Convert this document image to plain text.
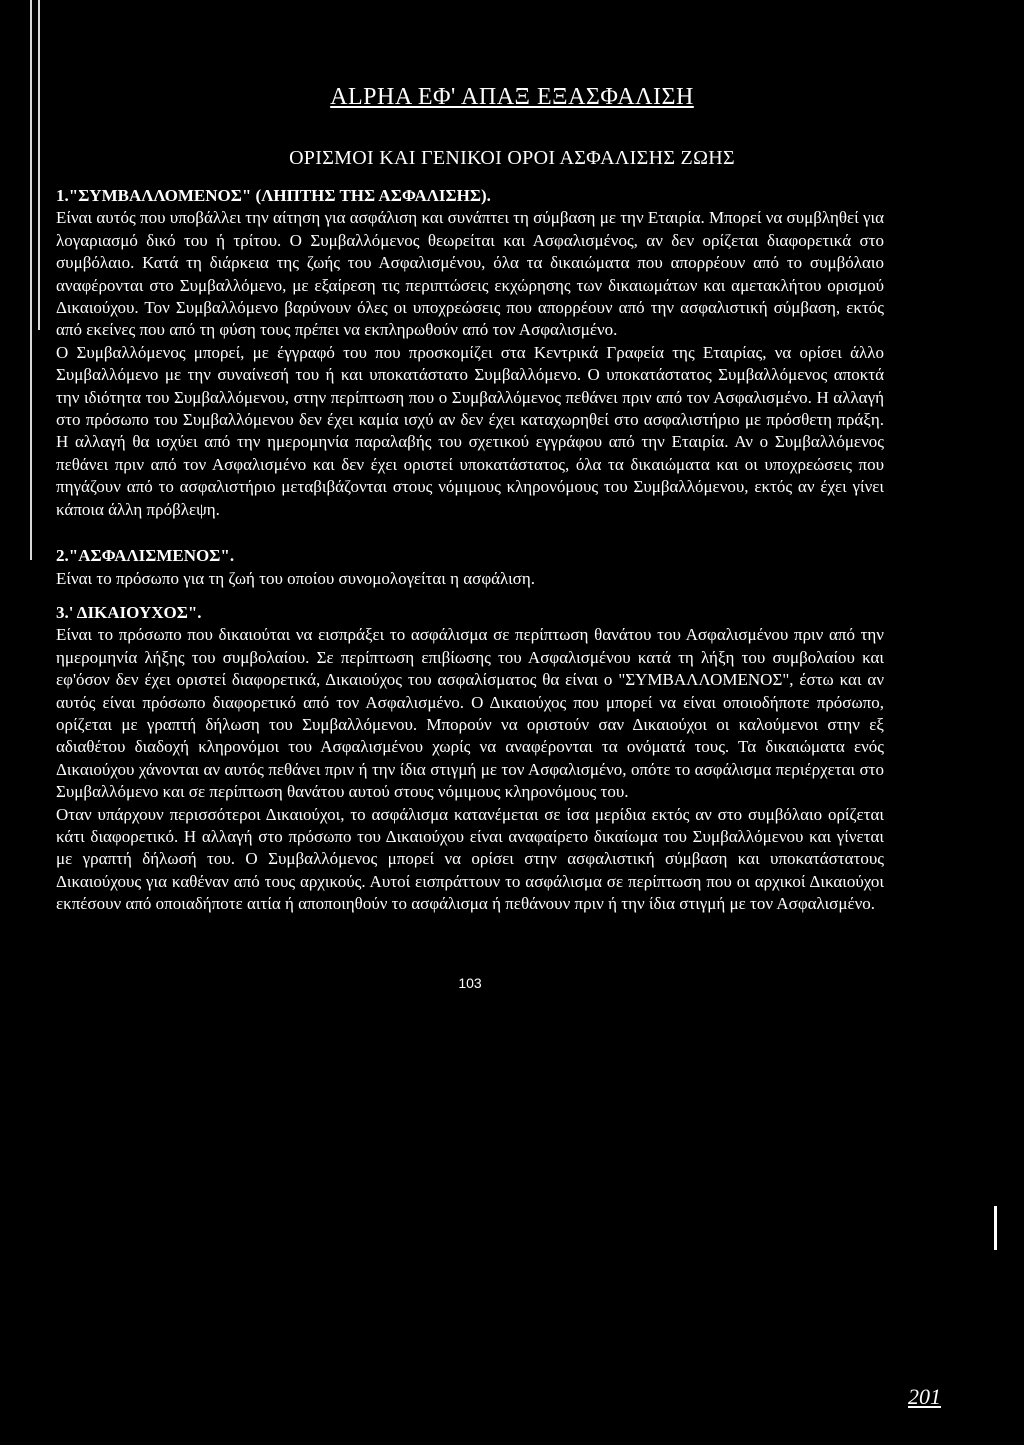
ALPHA ΕΦ' ΑΠΑΞ ΕΞΑΣΦΑΛΙΣΗ
ΟΡΙΣΜΟΙ ΚΑΙ ΓΕΝΙΚΟΙ ΟΡΟΙ ΑΣΦΑΛΙΣΗΣ ΖΩΗΣ
1."ΣΥΜΒΑΛΛΟΜΕΝΟΣ" (ΛΗΠΤΗΣ ΤΗΣ ΑΣΦΑΛΙΣΗΣ).

Είναι αυτός που υποβάλλει την αίτηση για ασφάλιση και συνάπτει τη σύμβαση με την Εταιρία. Μπορεί να συμβληθεί για λογαριασμό δικό του ή τρίτου. Ο Συμβαλλόμενος θεωρείται και Ασφαλισμένος, αν δεν ορίζεται διαφορετικά στο συμβόλαιο. Κατά τη διάρκεια της ζωής του Ασφαλισμένου, όλα τα δικαιώματα που απορρέουν από το συμβόλαιο αναφέρονται στο Συμβαλλόμενο, με εξαίρεση τις περιπτώσεις εκχώρησης των δικαιωμάτων και αμετακλήτου ορισμού Δικαιούχου. Τον Συμβαλλόμενο βαρύνουν όλες οι υποχρεώσεις που απορρέουν από την ασφαλιστική σύμβαση, εκτός από εκείνες που από τη φύση τους πρέπει να εκπληρωθούν από τον Ασφαλισμένο.

Ο Συμβαλλόμενος μπορεί, με έγγραφό του που προσκομίζει στα Κεντρικά Γραφεία της Εταιρίας, να ορίσει άλλο Συμβαλλόμενο με την συναίνεσή του ή και υποκατάστατο Συμβαλλόμενο. Ο υποκατάστατος Συμβαλλόμενος αποκτά την ιδιότητα του Συμβαλλόμενου, στην περίπτωση που ο Συμβαλλόμενος πεθάνει πριν από τον Ασφαλισμένο. Η αλλαγή στο πρόσωπο του Συμβαλλόμενου δεν έχει καμία ισχύ αν δεν έχει καταχωρηθεί στο ασφαλιστήριο με πρόσθετη πράξη. Η αλλαγή θα ισχύει από την ημερομηνία παραλαβής του σχετικού εγγράφου από την Εταιρία. Αν ο Συμβαλλόμενος πεθάνει πριν από τον Ασφαλισμένο και δεν έχει οριστεί υποκατάστατος, όλα τα δικαιώματα και οι υποχρεώσεις που πηγάζουν από το ασφαλιστήριο μεταβιβάζονται στους νόμιμους κληρονόμους του Συμβαλλόμενου, εκτός αν έχει γίνει κάποια άλλη πρόβλεψη.

2."ΑΣΦΑΛΙΣΜΕΝΟΣ".

Είναι το πρόσωπο για τη ζωή του οποίου συνομολογείται η ασφάλιση.

3.' ΔΙΚΑΙΟΥΧΟΣ".

Είναι το πρόσωπο που δικαιούται να εισπράξει το ασφάλισμα σε περίπτωση θανάτου του Ασφαλισμένου πριν από την ημερομηνία λήξης του συμβολαίου. Σε περίπτωση επιβίωσης του Ασφαλισμένου κατά τη λήξη του συμβολαίου και εφ'όσον δεν έχει οριστεί διαφορετικά, Δικαιούχος του ασφαλίσματος θα είναι ο "ΣΥΜΒΑΛΛΟΜΕΝΟΣ", έστω και αν αυτός είναι πρόσωπο διαφορετικό από τον Ασφαλισμένο. Ο Δικαιούχος που μπορεί να είναι οποιοδήποτε πρόσωπο, ορίζεται με γραπτή δήλωση του Συμβαλλόμενου. Μπορούν να οριστούν σαν Δικαιούχοι οι καλούμενοι στην εξ αδιαθέτου διαδοχή κληρονόμοι του Ασφαλισμένου χωρίς να αναφέρονται τα ονόματά τους. Τα δικαιώματα ενός Δικαιούχου χάνονται αν αυτός πεθάνει πριν ή την ίδια στιγμή με τον Ασφαλισμένο, οπότε το ασφάλισμα περιέρχεται στο Συμβαλλόμενο και σε περίπτωση θανάτου αυτού στους νόμιμους κληρονόμους του.

Οταν υπάρχουν περισσότεροι Δικαιούχοι, το ασφάλισμα κατανέμεται σε ίσα μερίδια εκτός αν στο συμβόλαιο ορίζεται κάτι διαφορετικό. Η αλλαγή στο πρόσωπο του Δικαιούχου είναι αναφαίρετο δικαίωμα του Συμβαλλόμενου και γίνεται με γραπτή δήλωσή του. Ο Συμβαλλόμενος μπορεί να ορίσει στην ασφαλιστική σύμβαση και υποκατάστατους Δικαιούχους για καθέναν από τους αρχικούς. Αυτοί εισπράττουν το ασφάλισμα σε περίπτωση που οι αρχικοί Δικαιούχοι εκπέσουν από οποιαδήποτε αιτία ή αποποιηθούν το ασφάλισμα ή πεθάνουν πριν ή την ίδια στιγμή με τον Ασφαλισμένο.

103
201
